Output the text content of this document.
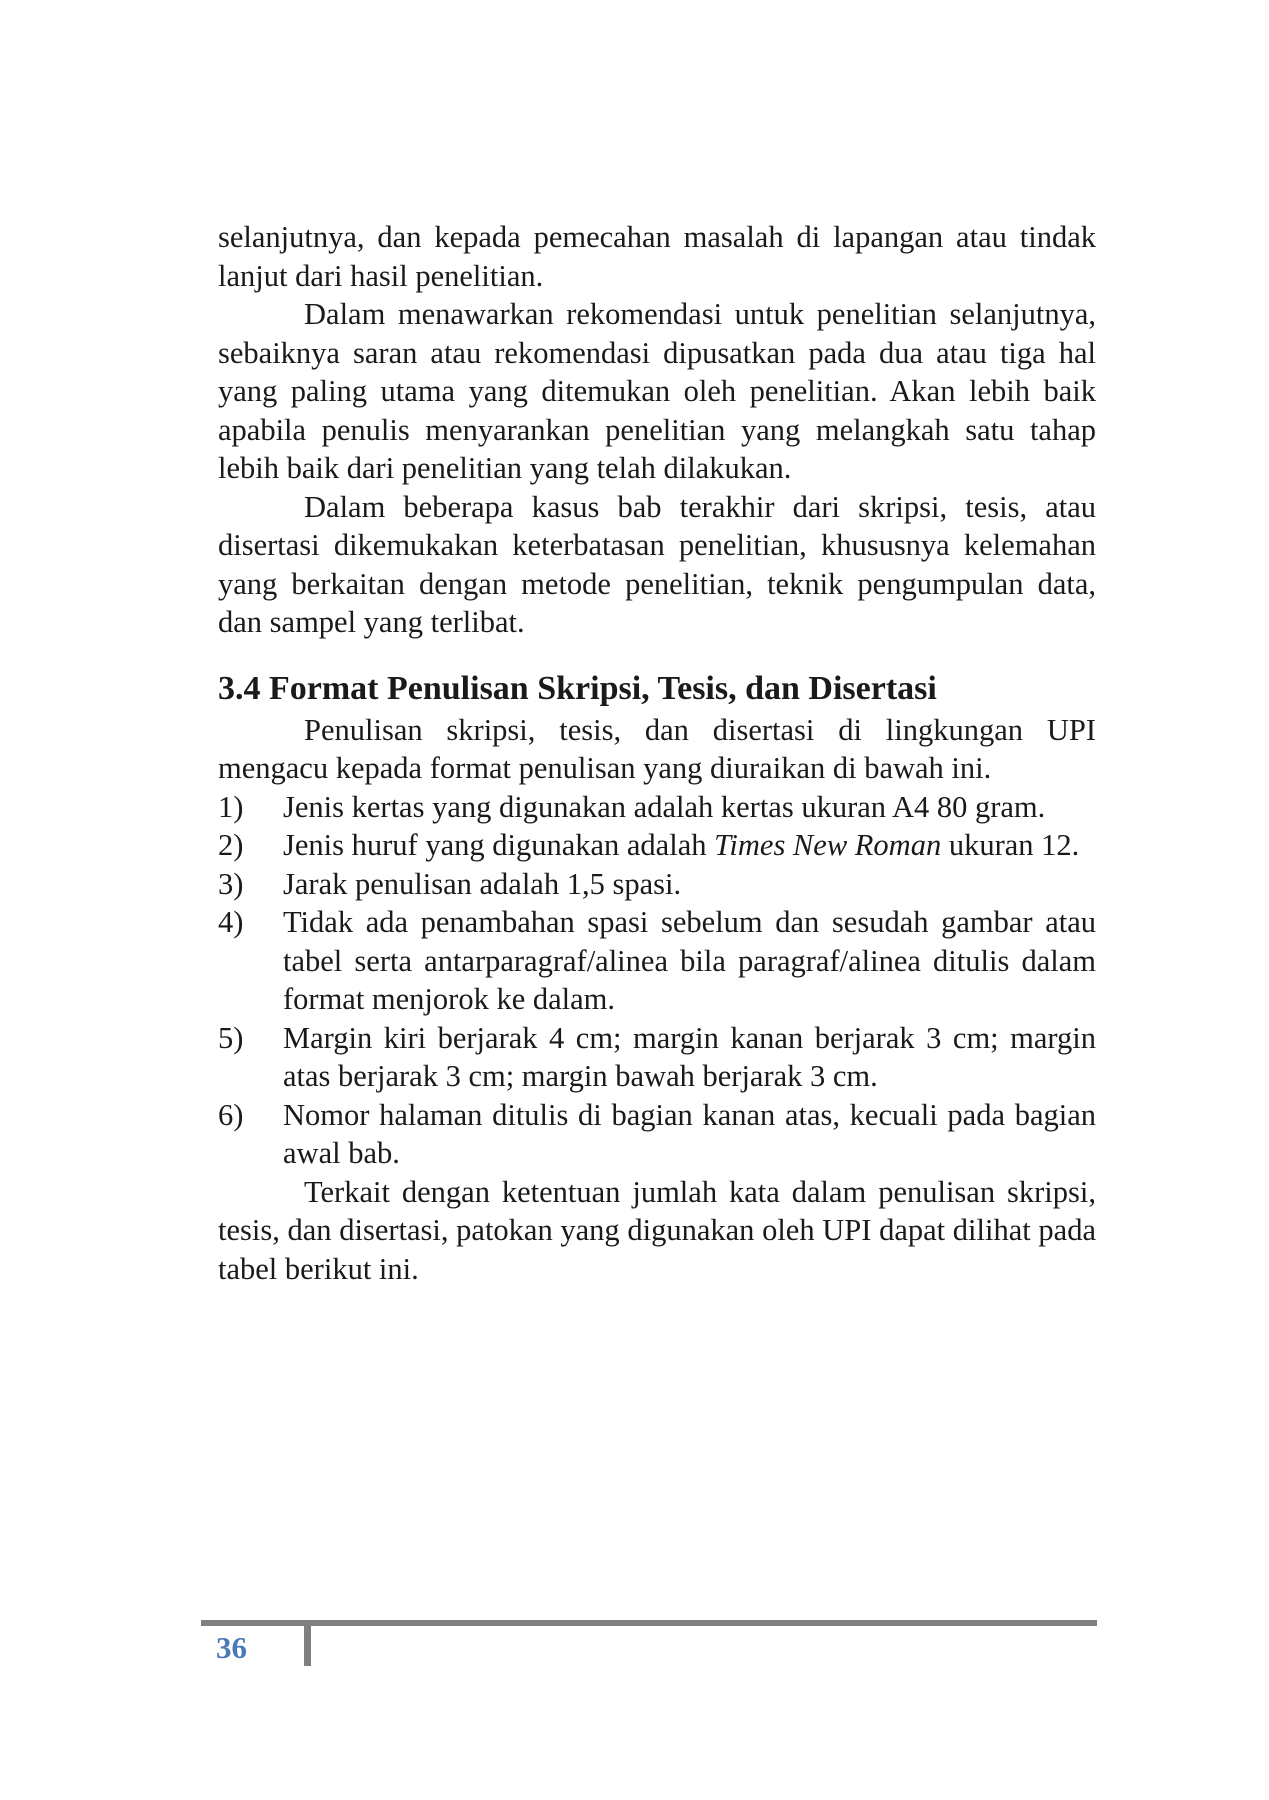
selanjutnya, dan kepada pemecahan masalah di lapangan atau tindak lanjut dari hasil penelitian.

Dalam menawarkan rekomendasi untuk penelitian selanjutnya, sebaiknya saran atau rekomendasi dipusatkan pada dua atau tiga hal yang paling utama yang ditemukan oleh penelitian. Akan lebih baik apabila penulis menyarankan penelitian yang melangkah satu tahap lebih baik dari penelitian yang telah dilakukan.

Dalam beberapa kasus bab terakhir dari skripsi, tesis, atau disertasi dikemukakan keterbatasan penelitian, khususnya kelemahan yang berkaitan dengan metode penelitian, teknik pengumpulan data, dan sampel yang terlibat.

3.4 Format Penulisan Skripsi, Tesis, dan Disertasi

Penulisan skripsi, tesis, dan disertasi di lingkungan UPI mengacu kepada format penulisan yang diuraikan di bawah ini.

1) Jenis kertas yang digunakan adalah kertas ukuran A4 80 gram.
2) Jenis huruf yang digunakan adalah Times New Roman ukuran 12.
3) Jarak penulisan adalah 1,5 spasi.
4) Tidak ada penambahan spasi sebelum dan sesudah gambar atau tabel serta antarparagraf/alinea bila paragraf/alinea ditulis dalam format menjorok ke dalam.
5) Margin kiri berjarak 4 cm; margin kanan berjarak 3 cm; margin atas berjarak 3 cm; margin bawah berjarak 3 cm.
6) Nomor halaman ditulis di bagian kanan atas, kecuali pada bagian awal bab.

Terkait dengan ketentuan jumlah kata dalam penulisan skripsi, tesis, dan disertasi, patokan yang digunakan oleh UPI dapat dilihat pada tabel berikut ini.

36
